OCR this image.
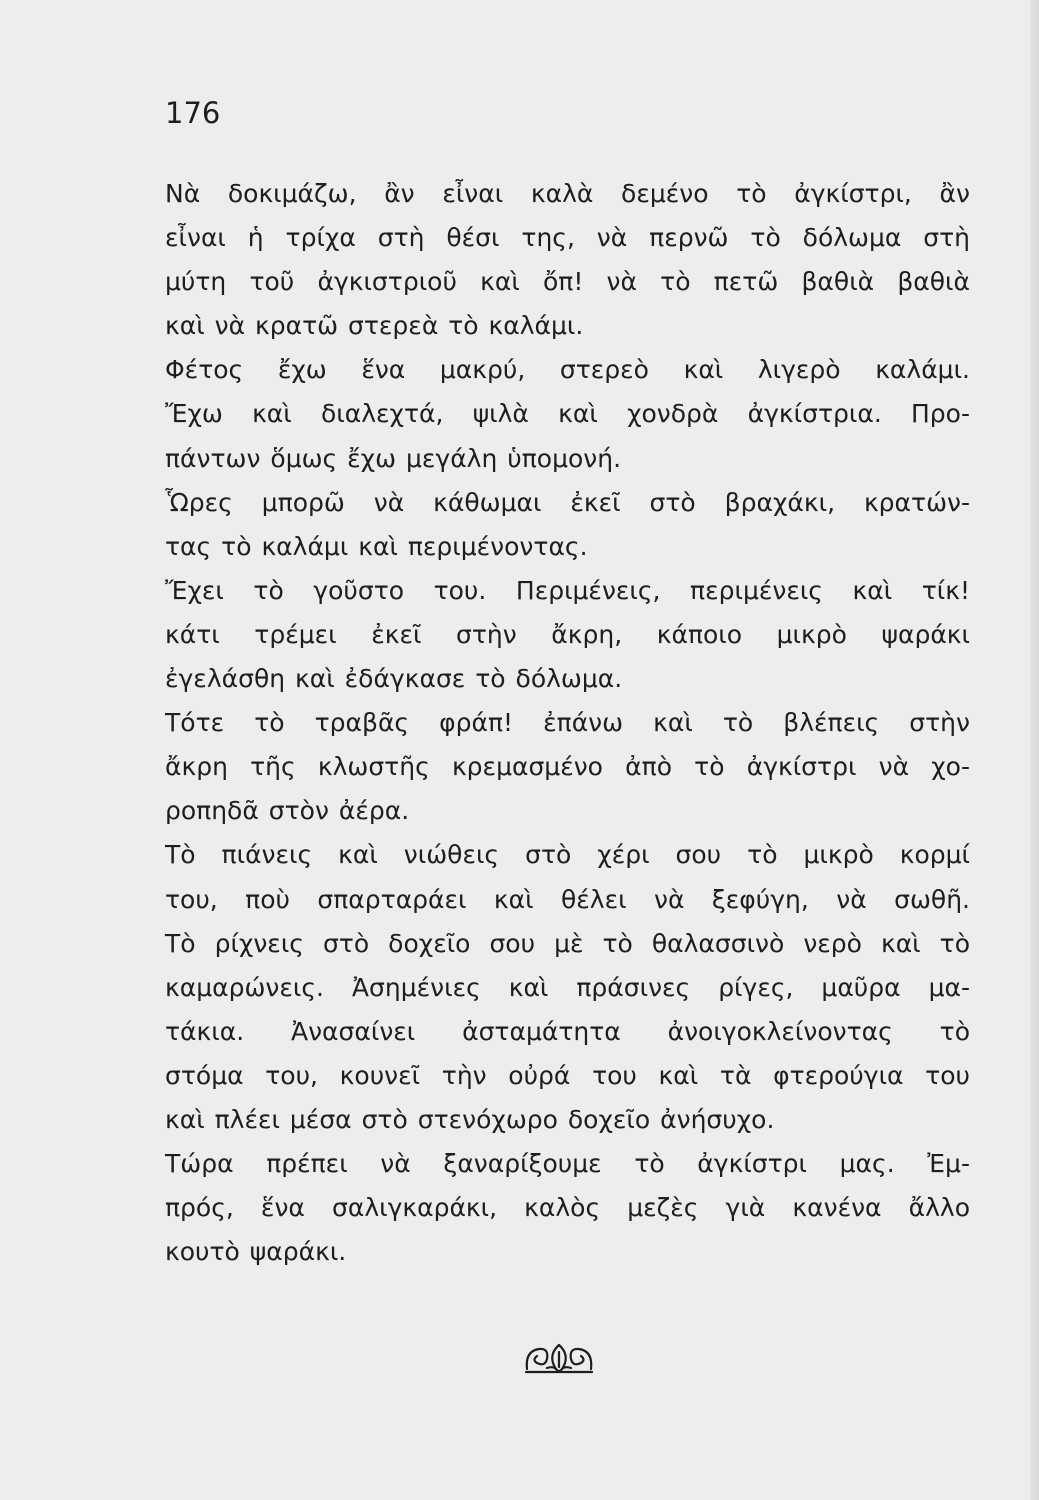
176

Νὰ δοκιμάζω, ἂν εἶναι καλὰ δεμένο τὸ ἀγκίστρι, ἂν
εἶναι ἡ τρίχα στὴ θέσι της, νὰ περνῶ τὸ δόλωμα στὴ
μύτη τοῦ ἀγκιστριοῦ καὶ ὄπ! νὰ τὸ πετῶ βαθιὰ βαθιὰ
καὶ νὰ κρατῶ στερεὰ τὸ καλάμι.
Φέτος ἔχω ἕνα μακρύ, στερεὸ καὶ λιγερὸ καλάμι.
Ἔχω καὶ διαλεχτά, ψιλὰ καὶ χονδρὰ ἀγκίστρια. Προ-
πάντων ὅμως ἔχω μεγάλη ὑπομονή.
Ὧρες μπορῶ νὰ κάθωμαι ἐκεῖ στὸ βραχάκι, κρατών-
τας τὸ καλάμι καὶ περιμένοντας.
Ἔχει τὸ γοῦστο του. Περιμένεις, περιμένεις καὶ τίκ!
κάτι τρέμει ἐκεῖ στὴν ἄκρη, κάποιο μικρὸ ψαράκι
ἐγελάσθη καὶ ἐδάγκασε τὸ δόλωμα.
Τότε τὸ τραβᾶς φράπ! ἐπάνω καὶ τὸ βλέπεις στὴν
ἄκρη τῆς κλωστῆς κρεμασμένο ἀπὸ τὸ ἀγκίστρι νὰ χο-
ροπηδᾶ στὸν ἀέρα.
Τὸ πιάνεις καὶ νιώθεις στὸ χέρι σου τὸ μικρὸ κορμί
του, ποὺ σπαρταράει καὶ θέλει νὰ ξεφύγη, νὰ σωθῆ.
Τὸ ρίχνεις στὸ δοχεῖο σου μὲ τὸ θαλασσινὸ νερὸ καὶ τὸ
καμαρώνεις. Ἀσημένιες καὶ πράσινες ρίγες, μαῦρα μα-
τάκια. Ἀνασαίνει ἀσταμάτητα ἀνοιγοκλείνοντας τὸ
στόμα του, κουνεῖ τὴν οὐρά του καὶ τὰ φτερούγια του
καὶ πλέει μέσα στὸ στενόχωρο δοχεῖο ἀνήσυχο.
Τώρα πρέπει νὰ ξαναρίξουμε τὸ ἀγκίστρι μας. Ἐμ-
πρός, ἕνα σαλιγκαράκι, καλὸς μεζὲς γιὰ κανένα ἄλλο
κουτὸ ψαράκι.
